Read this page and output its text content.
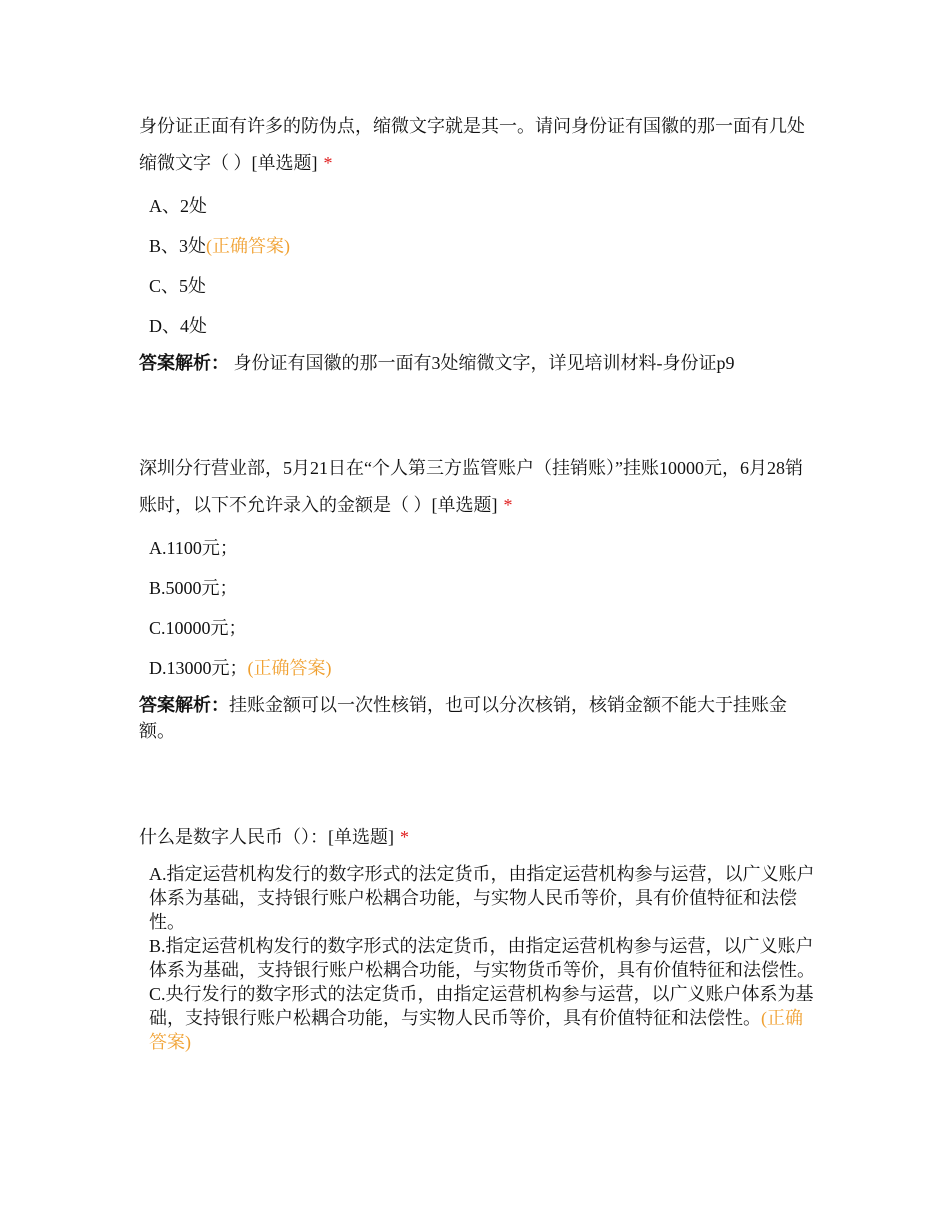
身份证正面有许多的防伪点，缩微文字就是其一。请问身份证有国徽的那一面有几处缩微文字（ ）[单选题] *

A、2处
B、3处(正确答案)
C、5处
D、4处
答案解析： 身份证有国徽的那一面有3处缩微文字，详见培训材料-身份证p9

深圳分行营业部，5月21日在“个人第三方监管账户（挂销账）”挂账10000元，6月28销账时，以下不允许录入的金额是（ ）[单选题] *

A.1100元；
B.5000元；
C.10000元；
D.13000元；(正确答案)
答案解析：挂账金额可以一次性核销，也可以分次核销，核销金额不能大于挂账金额。

什么是数字人民币（）：[单选题] *

A.指定运营机构发行的数字形式的法定货币，由指定运营机构参与运营，以广义账户体系为基础，支持银行账户松耦合功能，与实物人民币等价，具有价值特征和法偿性。
B.指定运营机构发行的数字形式的法定货币，由指定运营机构参与运营，以广义账户体系为基础，支持银行账户松耦合功能，与实物货币等价，具有价值特征和法偿性。
C.央行发行的数字形式的法定货币，由指定运营机构参与运营，以广义账户体系为基础，支持银行账户松耦合功能，与实物人民币等价，具有价值特征和法偿性。(正确答案)
